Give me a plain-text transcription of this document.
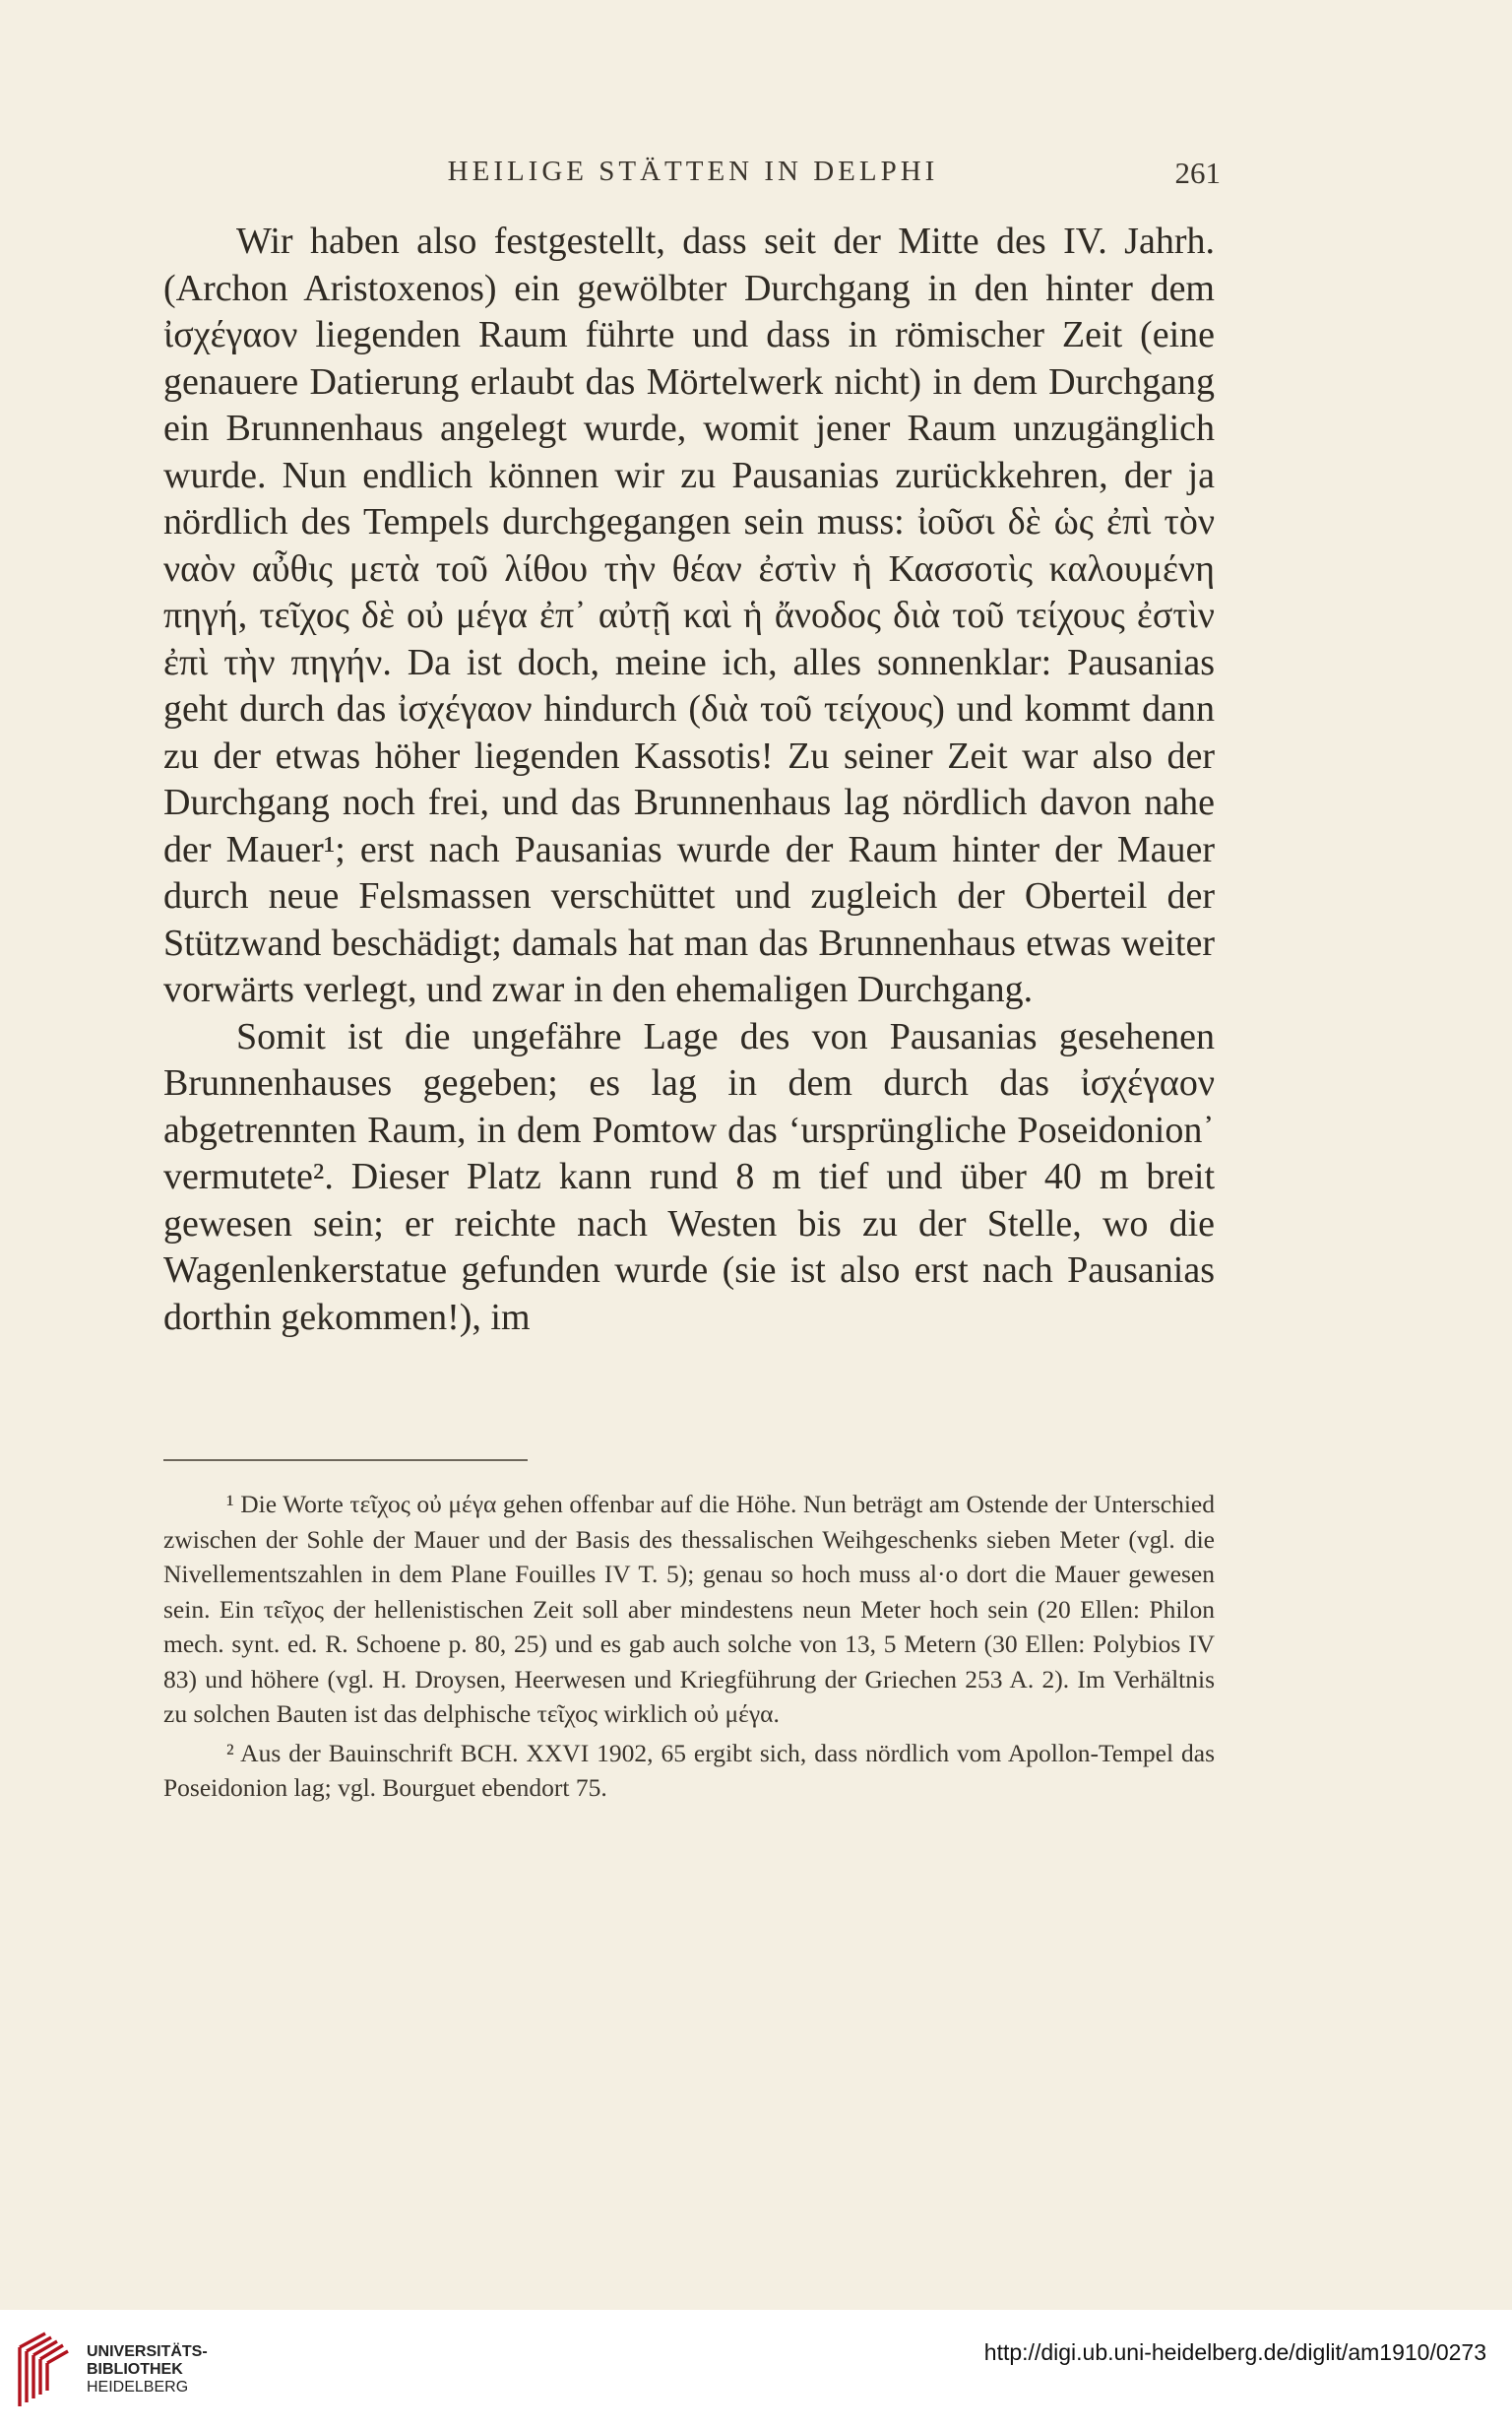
HEILIGE STÄTTEN IN DELPHI	261

Wir haben also festgestellt, dass seit der Mitte des IV. Jahrh. (Archon Aristoxenos) ein gewölbter Durchgang in den hinter dem ἰσχέγαον liegenden Raum führte und dass in römischer Zeit (eine genauere Datierung erlaubt das Mörtelwerk nicht) in dem Durchgang ein Brunnenhaus angelegt wurde, womit jener Raum unzugänglich wurde. Nun endlich können wir zu Pausanias zurückkehren, der ja nördlich des Tempels durchgegangen sein muss: ἰοῦσι δὲ ὡς ἐπὶ τὸν ναὸν αὖθις μετὰ τοῦ λίθου τὴν θέαν ἐστὶν ἡ Κασσοτὶς καλουμένη πηγή, τεῖχος δὲ οὐ μέγα ἐπ᾿ αὐτῇ καὶ ἡ ἄνοδος διὰ τοῦ τείχους ἐστὶν ἐπὶ τὴν πηγήν. Da ist doch, meine ich, alles sonnenklar: Pausanias geht durch das ἰσχέγαον hindurch (διὰ τοῦ τείχους) und kommt dann zu der etwas höher liegenden Kassotis! Zu seiner Zeit war also der Durchgang noch frei, und das Brunnenhaus lag nördlich davon nahe der Mauer¹; erst nach Pausanias wurde der Raum hinter der Mauer durch neue Felsmassen verschüttet und zugleich der Oberteil der Stützwand beschädigt; damals hat man das Brunnenhaus etwas weiter vorwärts verlegt, und zwar in den ehemaligen Durchgang.

Somit ist die ungefähre Lage des von Pausanias gesehenen Brunnenhauses gegeben; es lag in dem durch das ἰσχέγαον abgetrennten Raum, in dem Pomtow das ʻursprüngliche Poseidonion᾿ vermutete². Dieser Platz kann rund 8 m tief und über 40 m breit gewesen sein; er reichte nach Westen bis zu der Stelle, wo die Wagenlenkerstatue gefunden wurde (sie ist also erst nach Pausanias dorthin gekommen!), im

¹ Die Worte τεῖχος οὐ μέγα gehen offenbar auf die Höhe. Nun beträgt am Ostende der Unterschied zwischen der Sohle der Mauer und der Basis des thessalischen Weihgeschenks sieben Meter (vgl. die Nivellementszahlen in dem Plane Fouilles IV T. 5); genau so hoch muss al·o dort die Mauer gewesen sein. Ein τεῖχος der hellenistischen Zeit soll aber mindestens neun Meter hoch sein (20 Ellen: Philon mech. synt. ed. R. Schoene p. 80, 25) und es gab auch solche von 13, 5 Metern (30 Ellen: Polybios IV 83) und höhere (vgl. H. Droysen, Heerwesen und Kriegführung der Griechen 253 A. 2). Im Verhältnis zu solchen Bauten ist das delphische τεῖχος wirklich οὐ μέγα.

² Aus der Bauinschrift BCH. XXVI 1902, 65 ergibt sich, dass nördlich vom Apollon-Tempel das Poseidonion lag; vgl. Bourguet ebendort 75.

UNIVERSITÄTS-
BIBLIOTHEK
HEIDELBERG
http://digi.ub.uni-heidelberg.de/diglit/am1910/0273
